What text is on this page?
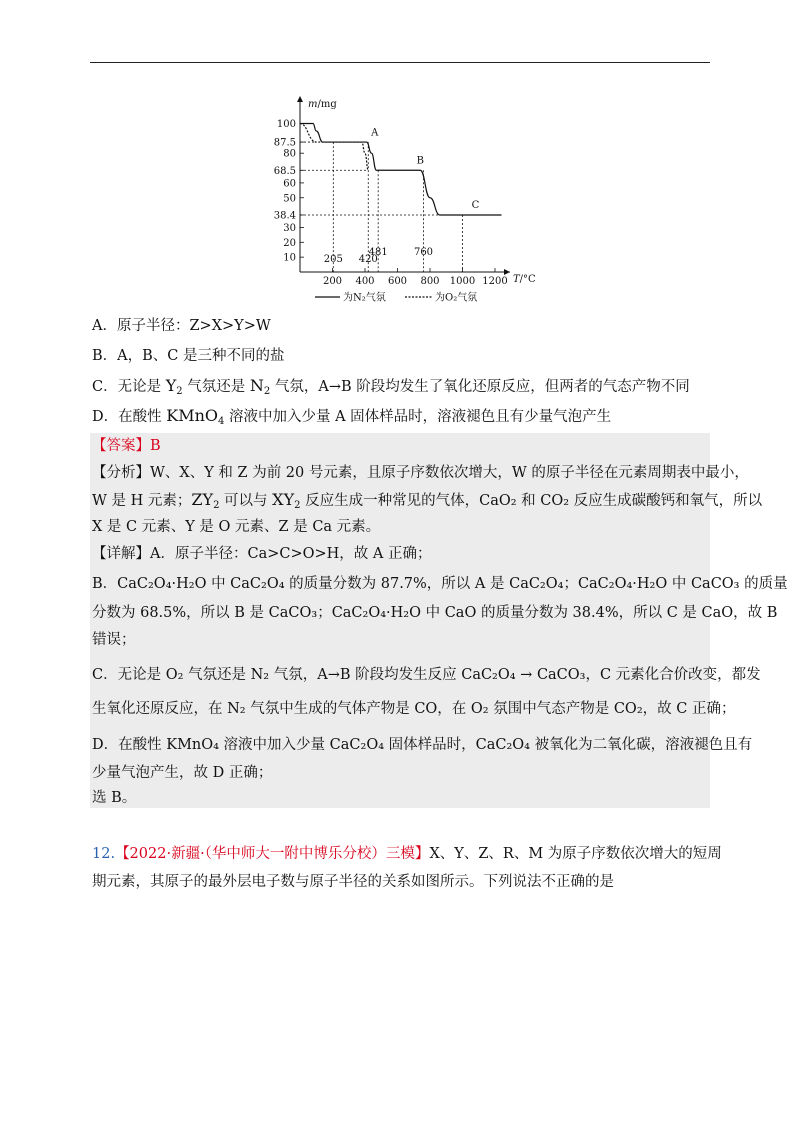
m/mg
T/°C
100
87.5
80
68.5
60
50
38.4
30
20
10
200 400 600 800 1000 1200
205 420
481	760
A
B
C
为N₂气氛	为O₂气氛
A．原子半径：Z>X>Y>W
B．A，B、C 是三种不同的盐
C．无论是 $Y_2$ 气氛还是 $N_2$ 气氛，A→B 阶段均发生了氧化还原反应，但两者的气态产物不同
D．在酸性 KMnO$_4$ 溶液中加入少量 A 固体样品时，溶液褪色且有少量气泡产生
【答案】B
【分析】W、X、Y 和 Z 为前 20 号元素，且原子序数依次增大，W 的原子半径在元素周期表中最小，
W 是 H 元素；$ZY_2$ 可以与 $XY_2$ 反应生成一种常见的气体，CaO₂ 和 CO₂ 反应生成碳酸钙和氧气，所以
X 是 C 元素、Y 是 O 元素、Z 是 Ca 元素。
【详解】A．原子半径：Ca>C>O>H，故 A 正确；
B．CaC₂O₄·H₂O 中 CaC₂O₄ 的质量分数为 87.7%，所以 A 是 CaC₂O₄；CaC₂O₄·H₂O 中 CaCO₃ 的质量
分数为 68.5%，所以 B 是 CaCO₃；CaC₂O₄·H₂O 中 CaO 的质量分数为 38.4%，所以 C 是 CaO，故 B
错误；
C．无论是 O₂ 气氛还是 N₂ 气氛，A→B 阶段均发生反应 CaC₂O₄ → CaCO₃，C 元素化合价改变，都发
生氧化还原反应，在 N₂ 气氛中生成的气体产物是 CO，在 O₂ 氛围中气态产物是 CO₂，故 C 正确；
D．在酸性 KMnO₄ 溶液中加入少量 CaC₂O₄ 固体样品时，CaC₂O₄ 被氧化为二氧化碳，溶液褪色且有
少量气泡产生，故 D 正确；
选 B。
12.【2022·新疆·（华中师大一附中博乐分校）三模】X、Y、Z、R、M 为原子序数依次增大的短周
期元素，其原子的最外层电子数与原子半径的关系如图所示。下列说法不正确的是
